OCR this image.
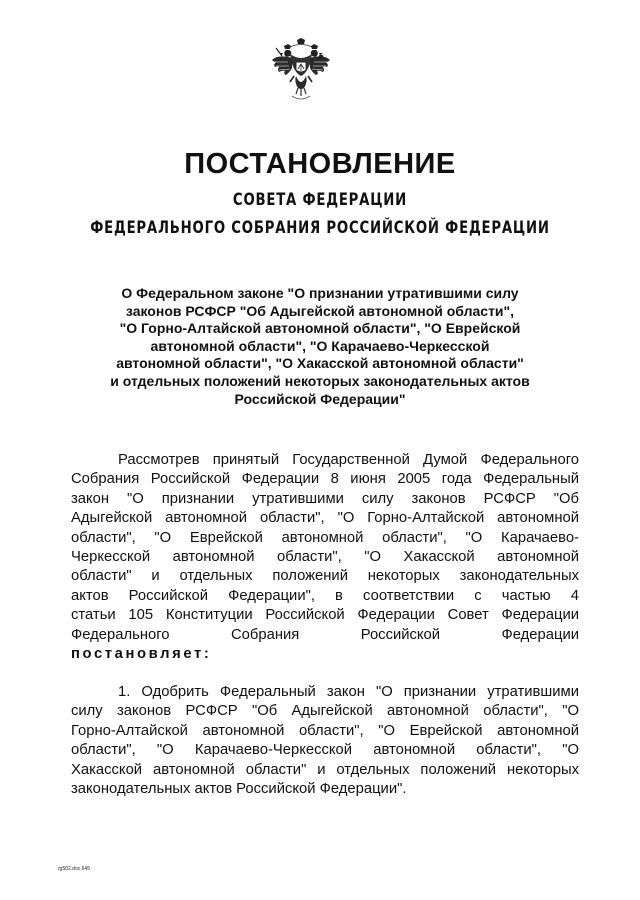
ПОСТАНОВЛЕНИЕ
СОВЕТА ФЕДЕРАЦИИ
ФЕДЕРАЛЬНОГО СОБРАНИЯ РОССИЙСКОЙ ФЕДЕРАЦИИ
О Федеральном законе "О признании утратившими силу
законов РСФСР "Об Адыгейской автономной области",
"О Горно-Алтайской автономной области", "О Еврейской
автономной области", "О Карачаево-Черкесской
автономной области", "О Хакасской автономной области"
и отдельных положений некоторых законодательных актов
Российской Федерации"
Рассмотрев принятый Государственной Думой Федерального
Собрания Российской Федерации 8 июня 2005 года Федеральный
закон "О признании утратившими силу законов РСФСР "Об
Адыгейской автономной области", "О Горно-Алтайской автономной
области", "О Еврейской автономной области", "О Карачаево-
Черкесской автономной области", "О Хакасской автономной
области" и отдельных положений некоторых законодательных
актов Российской Федерации", в соответствии с частью 4
статьи 105 Конституции Российской Федерации Совет Федерации
Федерального Собрания Российской Федерации
постановляет:
1. Одобрить Федеральный закон "О признании утратившими
силу законов РСФСР "Об Адыгейской автономной области", "О
Горно-Алтайской автономной области", "О Еврейской автономной
области", "О Карачаево-Черкесской автономной области", "О
Хакасской автономной области" и отдельных положений некоторых
законодательных актов Российской Федерации".
rg502.doc 645
